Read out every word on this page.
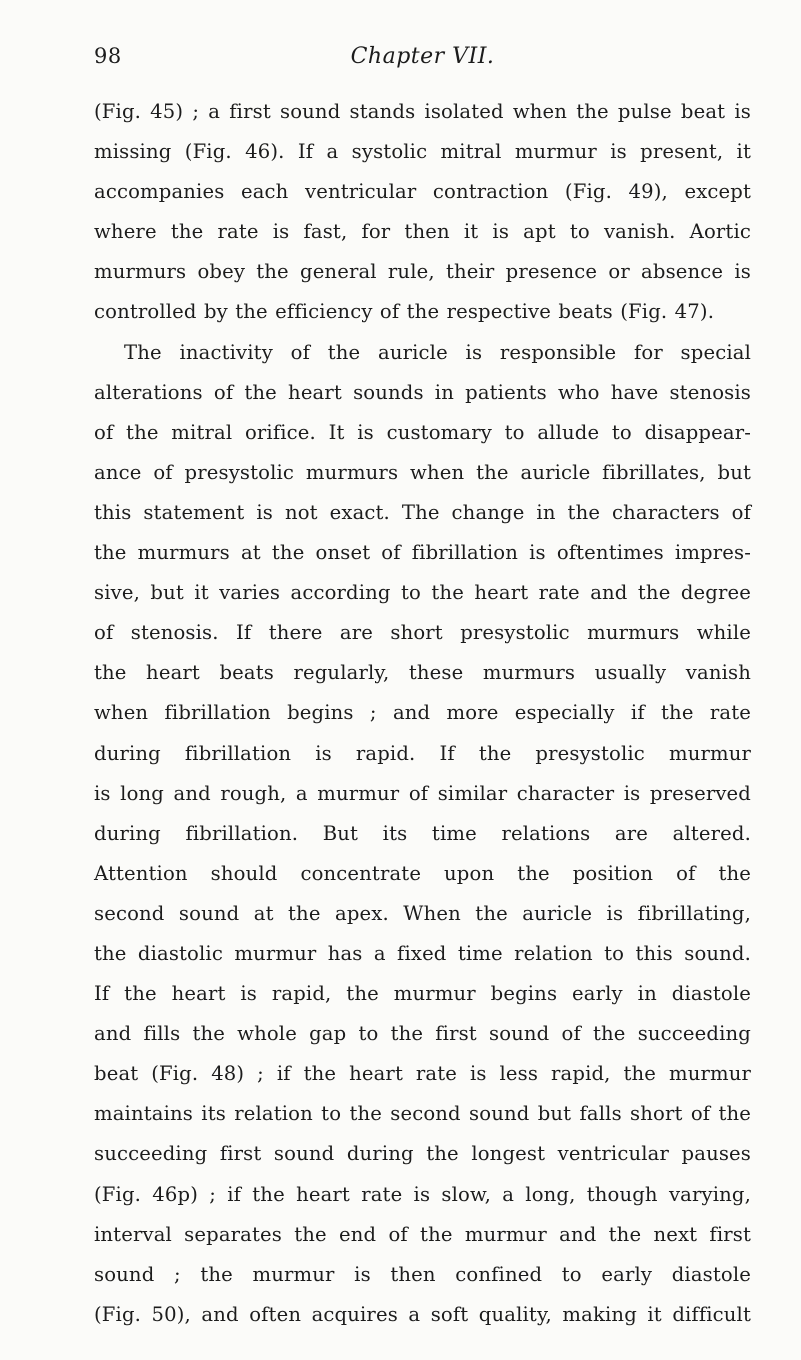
98	Chapter VII.
(Fig. 45) ; a first sound stands isolated when the pulse beat is
missing (Fig. 46). If a systolic mitral murmur is present, it
accompanies each ventricular contraction (Fig. 49), except
where the rate is fast, for then it is apt to vanish. Aortic
murmurs obey the general rule, their presence or absence is
controlled by the efficiency of the respective beats (Fig. 47).
The inactivity of the auricle is responsible for special
alterations of the heart sounds in patients who have stenosis
of the mitral orifice. It is customary to allude to disappear-
ance of presystolic murmurs when the auricle fibrillates, but
this statement is not exact. The change in the characters of
the murmurs at the onset of fibrillation is oftentimes impres-
sive, but it varies according to the heart rate and the degree
of stenosis. If there are short presystolic murmurs while
the heart beats regularly, these murmurs usually vanish
when fibrillation begins ; and more especially if the rate
during fibrillation is rapid. If the presystolic murmur
is long and rough, a murmur of similar character is preserved
during fibrillation. But its time relations are altered.
Attention should concentrate upon the position of the
second sound at the apex. When the auricle is fibrillating,
the diastolic murmur has a fixed time relation to this sound.
If the heart is rapid, the murmur begins early in diastole
and fills the whole gap to the first sound of the succeeding
beat (Fig. 48) ; if the heart rate is less rapid, the murmur
maintains its relation to the second sound but falls short of the
succeeding first sound during the longest ventricular pauses
(Fig. 46p) ; if the heart rate is slow, a long, though varying,
interval separates the end of the murmur and the next first
sound ; the murmur is then confined to early diastole
(Fig. 50), and often acquires a soft quality, making it difficult
